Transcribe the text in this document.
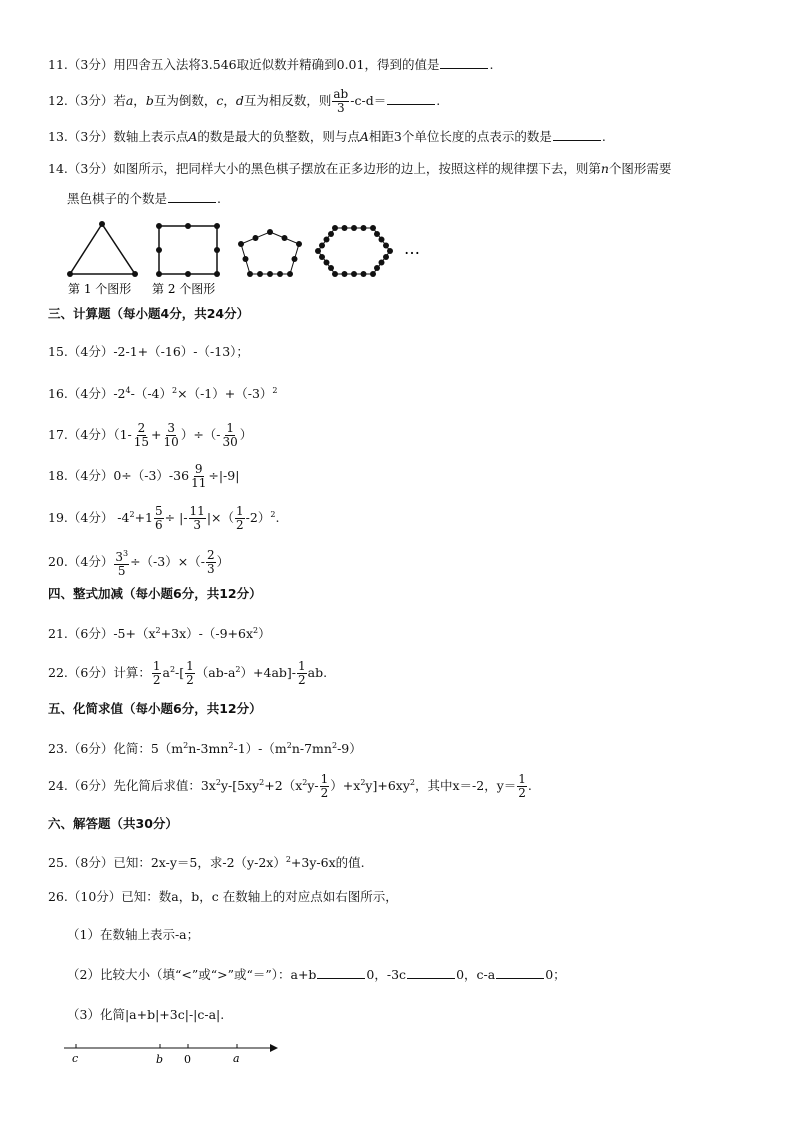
11.（3分）用四舍五入法将3.546取近似数并精确到0.01，得到的值是	.
12.（3分）若a，b互为倒数，c，d互为相反数，则 $\frac{ab}{3} -c-d=$	.
13.（3分）数轴上表示点A的数是最大的负整数，则与点A相距3个单位长度的点表示的数是	.
14.（3分）如图所示，把同样大小的黑色棋子摆放在正多边形的边上，按照这样的规律摆下去，则第n个图形需要
黑色棋子的个数是	.
…
第 1 个图形 第 2 个图形
三、计算题（每小题4分，共24分）
15.（4分）-2-1+（-16）-（-13）；
16.（4分）$-2^4-(-4)^2\times(-1)+(-3)^2$
17.（4分）（$1- \frac{2}{15} + \frac{3}{10}$ ）÷（- $\frac{1}{30}$ ）
18.（4分）$0\div(-3)-36 \frac{9}{11} \div|-9|$
19.（4分） $-4^2+1 \frac{5}{6}$ ÷ |- $\frac{11}{3}$ |×（ $\frac{1}{2} -2)^2$.
20.（4分） $\frac{3^3}{5} \div(-3)\times(- \frac{2}{3}$ ）
四、整式加减（每小题6分，共12分）
21.（6分）$-5+(x^2+3x)-(-9+6x^2)$
22.（6分）计算： $\frac{1}{2} a^2-[ \frac{1}{2} (ab-a^2)+4ab]- \frac{1}{2}$ ab.
五、化简求值（每小题6分，共12分）
23.（6分）化简：$5(m^2n-3mn^2-1)-(m^2n-7mn^2-9)$
24.（6分）先化简后求值：$3x^2y-[5xy^2+2(x^2y- \frac{1}{2} )+x^2y]+6xy^2$，其中x＝-2，$y= \frac{1}{2}$ .
六、解答题（共30分）
25.（8分）已知：2x-y＝5，求$-2(y-2x)^2+3y-6x$的值.
26.（10分）已知：数a，b，c 在数轴上的对应点如右图所示，
（1）在数轴上表示-a；
（2）比较大小（填“<”或“>”或“＝”）：a+b	0，-3c	0，c-a	0；
（3）化简|a+b|+3c|-|c-a|.
c	b 0	a
